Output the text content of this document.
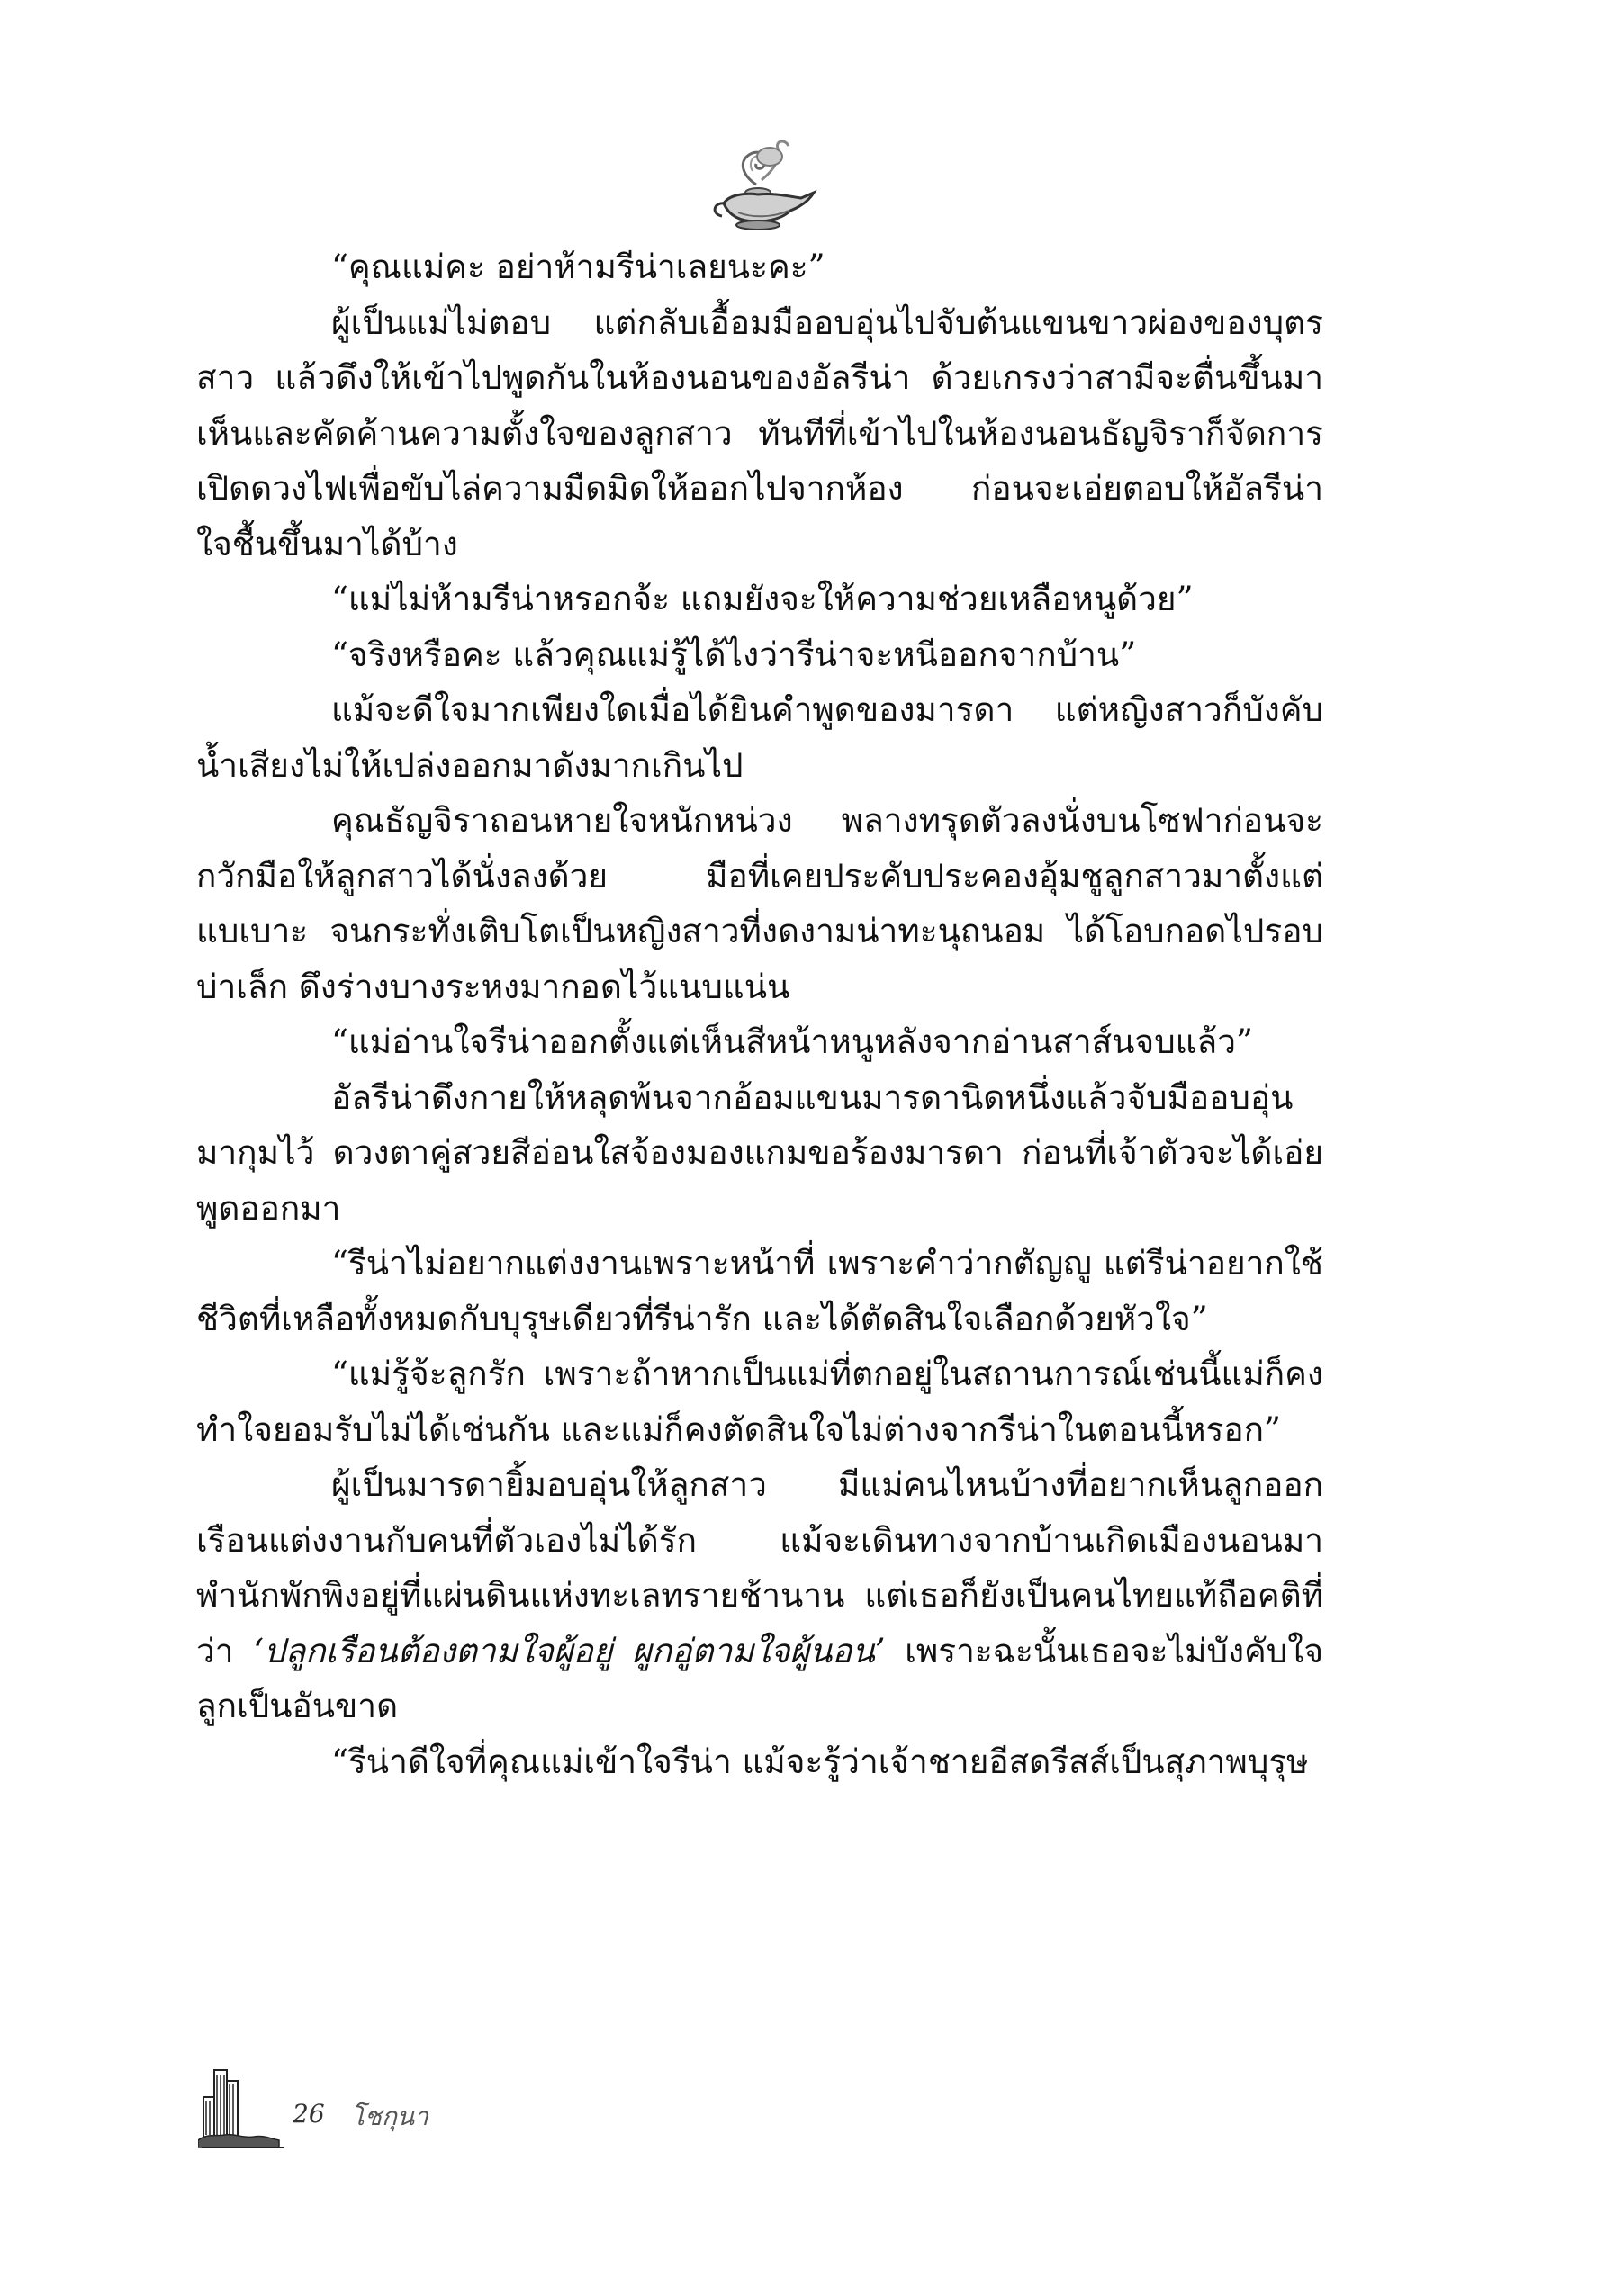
“คุณแม่คะ อย่าห้ามรีน่าเลยนะคะ”

ผู้เป็นแม่ไม่ตอบ แต่กลับเอื้อมมืออบอุ่นไปจับต้นแขนขาวผ่องของบุตรสาว แล้วดึงให้เข้าไปพูดกันในห้องนอนของอัลรีน่า ด้วยเกรงว่าสามีจะตื่นขึ้นมาเห็นและคัดค้านความตั้งใจของลูกสาว ทันทีที่เข้าไปในห้องนอนธัญจิราก็จัดการเปิดดวงไฟเพื่อขับไล่ความมืดมิดให้ออกไปจากห้อง ก่อนจะเอ่ยตอบให้อัลรีน่าใจชื้นขึ้นมาได้บ้าง

“แม่ไม่ห้ามรีน่าหรอกจ้ะ แถมยังจะให้ความช่วยเหลือหนูด้วย”

“จริงหรือคะ แล้วคุณแม่รู้ได้ไงว่ารีน่าจะหนีออกจากบ้าน”

แม้จะดีใจมากเพียงใดเมื่อได้ยินคำพูดของมารดา แต่หญิงสาวก็บังคับน้ำเสียงไม่ให้เปล่งออกมาดังมากเกินไป

คุณธัญจิราถอนหายใจหนักหน่วง พลางทรุดตัวลงนั่งบนโซฟาก่อนจะกวักมือให้ลูกสาวได้นั่งลงด้วย มือที่เคยประคับประคองอุ้มชูลูกสาวมาตั้งแต่แบเบาะ จนกระทั่งเติบโตเป็นหญิงสาวที่งดงามน่าทะนุถนอม ได้โอบกอดไปรอบบ่าเล็ก ดึงร่างบางระหงมากอดไว้แนบแน่น

“แม่อ่านใจรีน่าออกตั้งแต่เห็นสีหน้าหนูหลังจากอ่านสาส์นจบแล้ว”

อัลรีน่าดึงกายให้หลุดพ้นจากอ้อมแขนมารดานิดหนึ่งแล้วจับมืออบอุ่นมากุมไว้ ดวงตาคู่สวยสีอ่อนใสจ้องมองแกมขอร้องมารดา ก่อนที่เจ้าตัวจะได้เอ่ยพูดออกมา

“รีน่าไม่อยากแต่งงานเพราะหน้าที่ เพราะคำว่ากตัญญู แต่รีน่าอยากใช้ชีวิตที่เหลือทั้งหมดกับบุรุษเดียวที่รีน่ารัก และได้ตัดสินใจเลือกด้วยหัวใจ”

“แม่รู้จ้ะลูกรัก เพราะถ้าหากเป็นแม่ที่ตกอยู่ในสถานการณ์เช่นนี้แม่ก็คงทำใจยอมรับไม่ได้เช่นกัน และแม่ก็คงตัดสินใจไม่ต่างจากรีน่าในตอนนี้หรอก”

ผู้เป็นมารดายิ้มอบอุ่นให้ลูกสาว มีแม่คนไหนบ้างที่อยากเห็นลูกออกเรือนแต่งงานกับคนที่ตัวเองไม่ได้รัก แม้จะเดินทางจากบ้านเกิดเมืองนอนมาพำนักพักพิงอยู่ที่แผ่นดินแห่งทะเลทรายช้านาน แต่เธอก็ยังเป็นคนไทยแท้ถือคติที่ว่า ‘ปลูกเรือนต้องตามใจผู้อยู่ ผูกอู่ตามใจผู้นอน’ เพราะฉะนั้นเธอจะไม่บังคับใจลูกเป็นอันขาด

“รีน่าดีใจที่คุณแม่เข้าใจรีน่า แม้จะรู้ว่าเจ้าชายอีสดรีสส์เป็นสุภาพบุรุษ

26 โชกุนา
